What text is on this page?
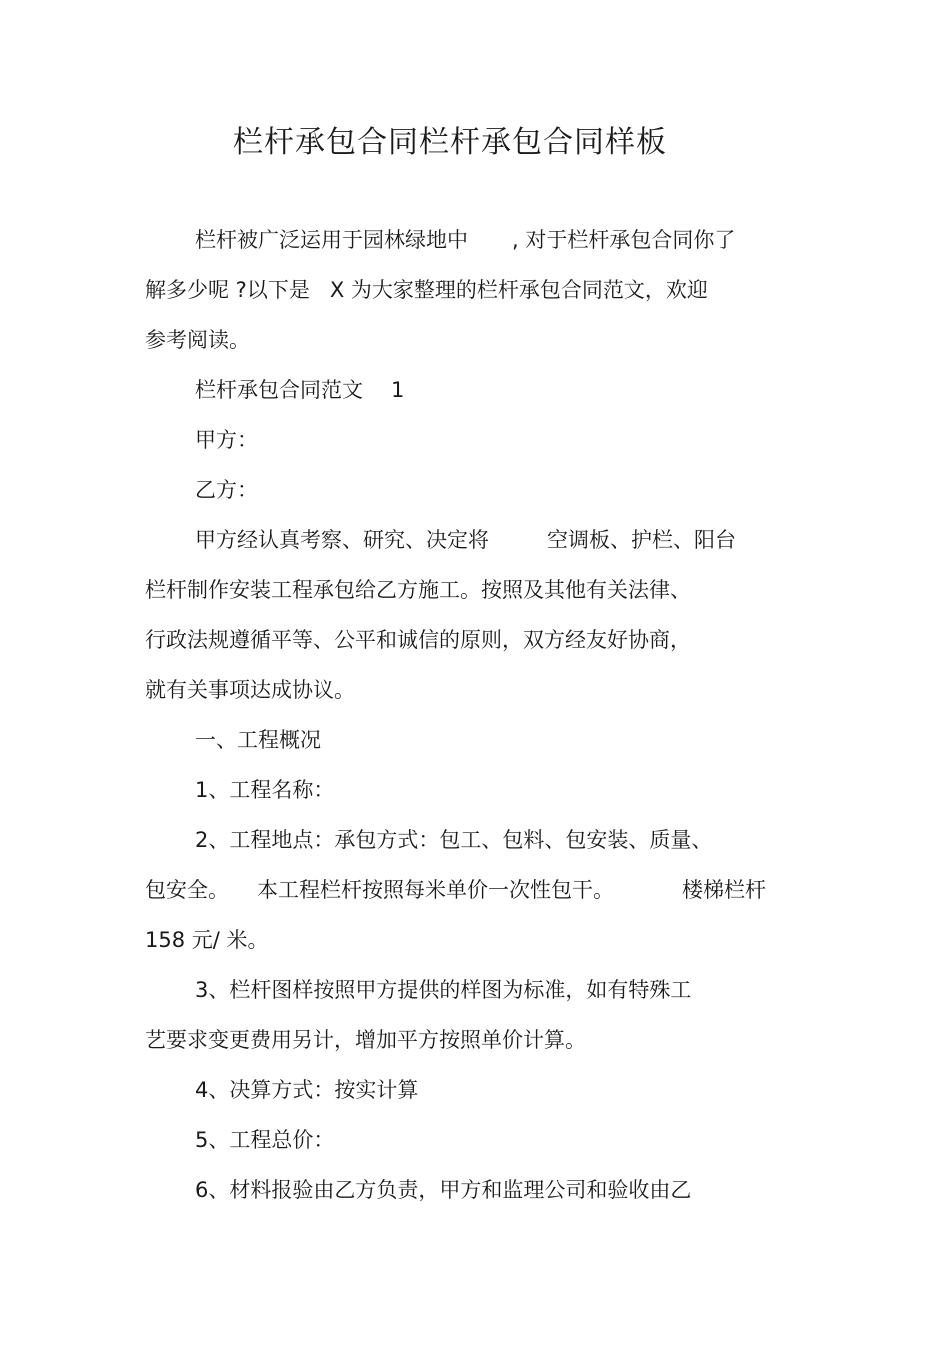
栏杆承包合同栏杆承包合同样板

栏杆被广泛运用于园林绿地中 , 对于栏杆承包合同你了

解多少呢 ?以下是 X 为大家整理的栏杆承包合同范文，欢迎

参考阅读。

栏杆承包合同范文 1

甲方：

乙方：

甲方经认真考察、研究、决定将	空调板、护栏、阳台

栏杆制作安装工程承包给乙方施工。按照及其他有关法律、

行政法规遵循平等、公平和诚信的原则，双方经友好协商，

就有关事项达成协议。

一、工程概况

1、工程名称：

2、工程地点：承包方式：包工、包料、包安装、质量、

包安全。 本工程栏杆按照每米单价一次性包干。	楼梯栏杆

158 元/ 米。

3、栏杆图样按照甲方提供的样图为标准，如有特殊工

艺要求变更费用另计，增加平方按照单价计算。

4、决算方式：按实计算

5、工程总价：

6、材料报验由乙方负责，甲方和监理公司和验收由乙
